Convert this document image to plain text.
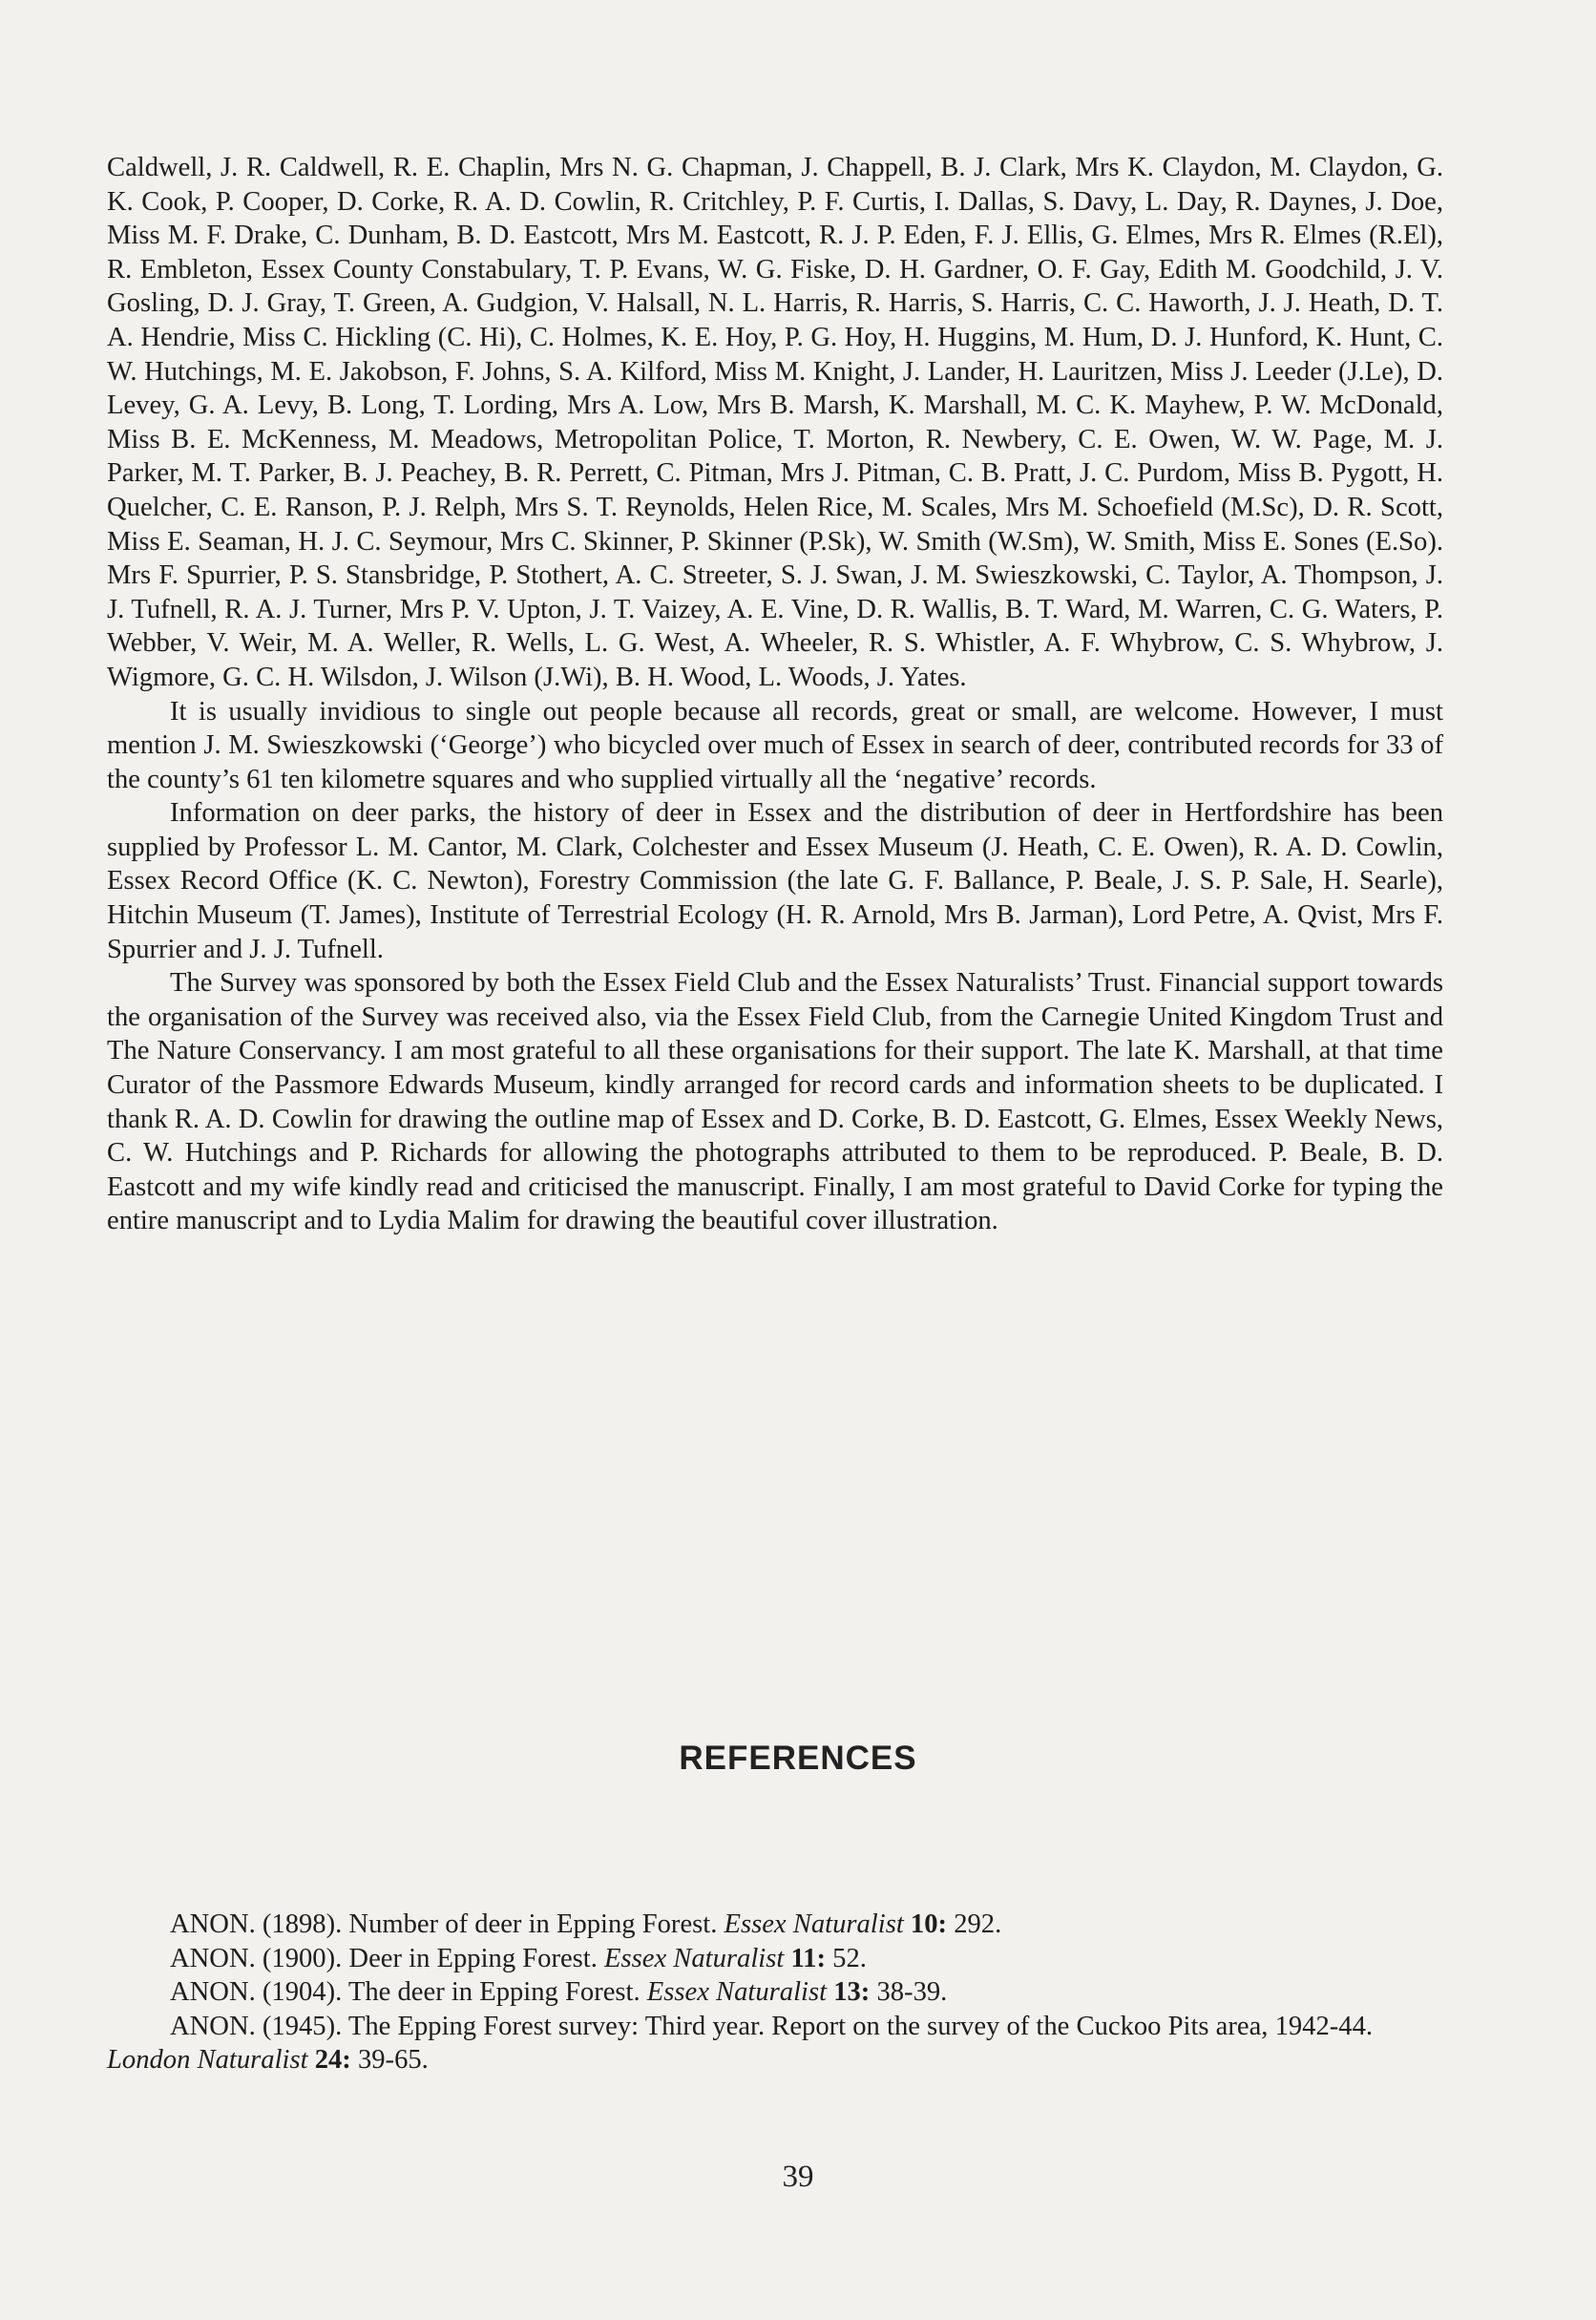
Caldwell, J. R. Caldwell, R. E. Chaplin, Mrs N. G. Chapman, J. Chappell, B. J. Clark, Mrs K. Claydon, M. Claydon, G. K. Cook, P. Cooper, D. Corke, R. A. D. Cowlin, R. Critchley, P. F. Curtis, I. Dallas, S. Davy, L. Day, R. Daynes, J. Doe, Miss M. F. Drake, C. Dunham, B. D. Eastcott, Mrs M. Eastcott, R. J. P. Eden, F. J. Ellis, G. Elmes, Mrs R. Elmes (R.El), R. Embleton, Essex County Constabulary, T. P. Evans, W. G. Fiske, D. H. Gardner, O. F. Gay, Edith M. Goodchild, J. V. Gosling, D. J. Gray, T. Green, A. Gudgion, V. Halsall, N. L. Harris, R. Harris, S. Harris, C. C. Haworth, J. J. Heath, D. T. A. Hendrie, Miss C. Hickling (C. Hi), C. Holmes, K. E. Hoy, P. G. Hoy, H. Huggins, M. Hum, D. J. Hunford, K. Hunt, C. W. Hutchings, M. E. Jakobson, F. Johns, S. A. Kilford, Miss M. Knight, J. Lander, H. Lauritzen, Miss J. Leeder (J.Le), D. Levey, G. A. Levy, B. Long, T. Lording, Mrs A. Low, Mrs B. Marsh, K. Marshall, M. C. K. Mayhew, P. W. McDonald, Miss B. E. McKenness, M. Meadows, Metropolitan Police, T. Morton, R. Newbery, C. E. Owen, W. W. Page, M. J. Parker, M. T. Parker, B. J. Peachey, B. R. Perrett, C. Pitman, Mrs J. Pitman, C. B. Pratt, J. C. Purdom, Miss B. Pygott, H. Quelcher, C. E. Ranson, P. J. Relph, Mrs S. T. Reynolds, Helen Rice, M. Scales, Mrs M. Schoefield (M.Sc), D. R. Scott, Miss E. Seaman, H. J. C. Seymour, Mrs C. Skinner, P. Skinner (P.Sk), W. Smith (W.Sm), W. Smith, Miss E. Sones (E.So). Mrs F. Spurrier, P. S. Stansbridge, P. Stothert, A. C. Streeter, S. J. Swan, J. M. Swieszkowski, C. Taylor, A. Thompson, J. J. Tufnell, R. A. J. Turner, Mrs P. V. Upton, J. T. Vaizey, A. E. Vine, D. R. Wallis, B. T. Ward, M. Warren, C. G. Waters, P. Webber, V. Weir, M. A. Weller, R. Wells, L. G. West, A. Wheeler, R. S. Whistler, A. F. Whybrow, C. S. Whybrow, J. Wigmore, G. C. H. Wilsdon, J. Wilson (J.Wi), B. H. Wood, L. Woods, J. Yates.

It is usually invidious to single out people because all records, great or small, are welcome. However, I must mention J. M. Swieszkowski (‘George’) who bicycled over much of Essex in search of deer, contributed records for 33 of the county’s 61 ten kilometre squares and who supplied virtually all the ‘negative’ records.

Information on deer parks, the history of deer in Essex and the distribution of deer in Hertfordshire has been supplied by Professor L. M. Cantor, M. Clark, Colchester and Essex Museum (J. Heath, C. E. Owen), R. A. D. Cowlin, Essex Record Office (K. C. Newton), Forestry Commission (the late G. F. Ballance, P. Beale, J. S. P. Sale, H. Searle), Hitchin Museum (T. James), Institute of Terrestrial Ecology (H. R. Arnold, Mrs B. Jarman), Lord Petre, A. Qvist, Mrs F. Spurrier and J. J. Tufnell.

The Survey was sponsored by both the Essex Field Club and the Essex Naturalists’ Trust. Financial support towards the organisation of the Survey was received also, via the Essex Field Club, from the Carnegie United Kingdom Trust and The Nature Conservancy. I am most grateful to all these organisations for their support. The late K. Marshall, at that time Curator of the Passmore Edwards Museum, kindly arranged for record cards and information sheets to be duplicated. I thank R. A. D. Cowlin for drawing the outline map of Essex and D. Corke, B. D. Eastcott, G. Elmes, Essex Weekly News, C. W. Hutchings and P. Richards for allowing the photographs attributed to them to be reproduced. P. Beale, B. D. Eastcott and my wife kindly read and criticised the manuscript. Finally, I am most grateful to David Corke for typing the entire manuscript and to Lydia Malim for drawing the beautiful cover illustration.

REFERENCES

ANON. (1898). Number of deer in Epping Forest. Essex Naturalist 10: 292.

ANON. (1900). Deer in Epping Forest. Essex Naturalist 11: 52.

ANON. (1904). The deer in Epping Forest. Essex Naturalist 13: 38-39.

ANON. (1945). The Epping Forest survey: Third year. Report on the survey of the Cuckoo Pits area, 1942-44. London Naturalist 24: 39-65.

39
